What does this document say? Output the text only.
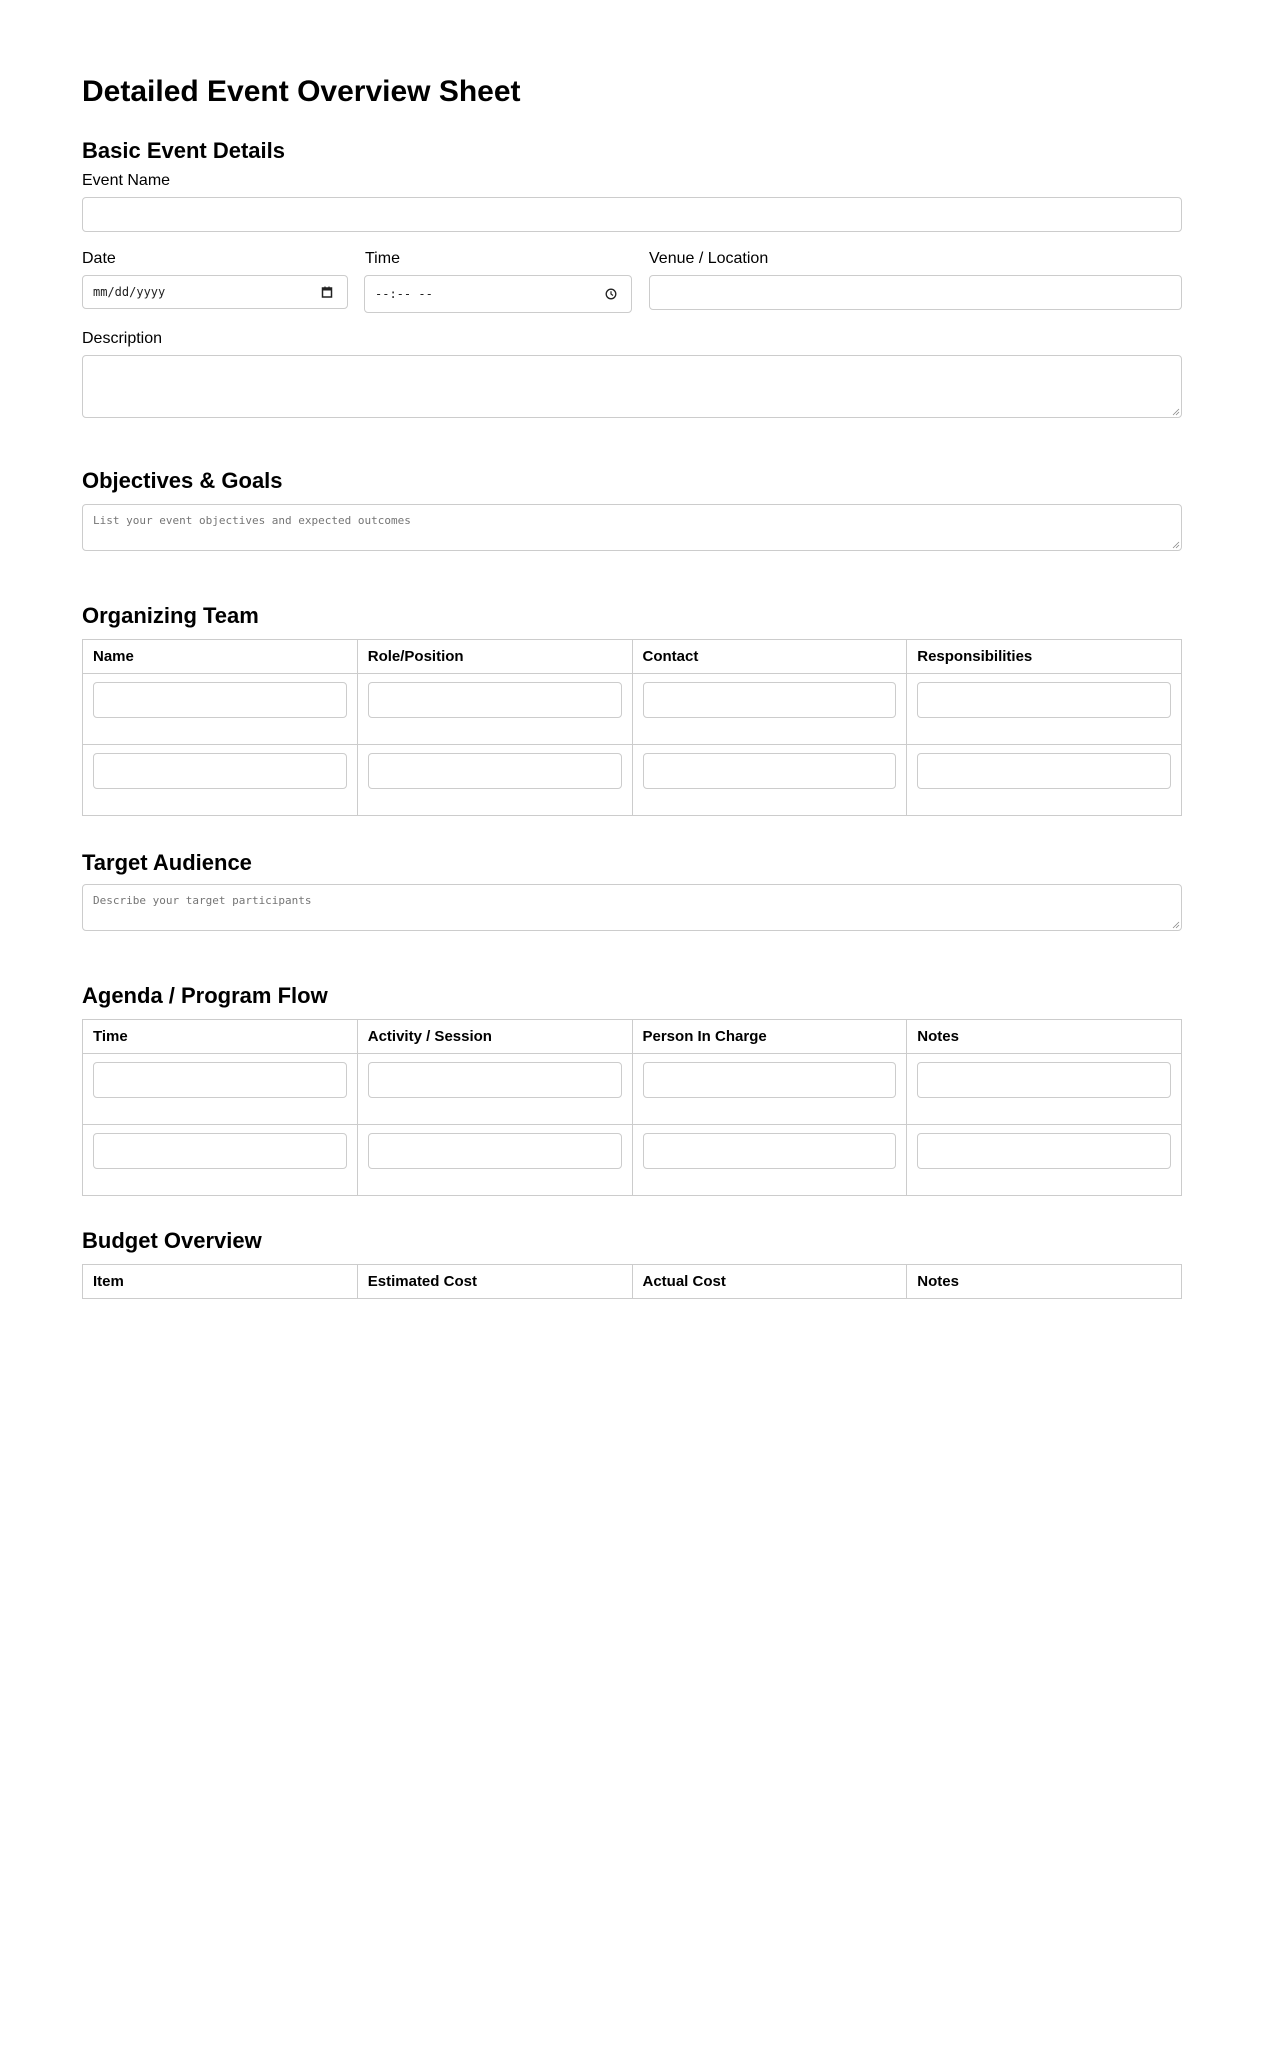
Detailed Event Overview Sheet
Basic Event Details
Event Name
Date
mm/dd/yyyy
Time
--:-- --
Venue / Location
Description
Objectives & Goals
List your event objectives and expected outcomes
Organizing Team
Name	Role/Position	Contact	Responsibilities

Target Audience
Describe your target participants
Agenda / Program Flow
Time	Activity / Session	Person In Charge	Notes

Budget Overview
Item	Estimated Cost	Actual Cost	Notes
